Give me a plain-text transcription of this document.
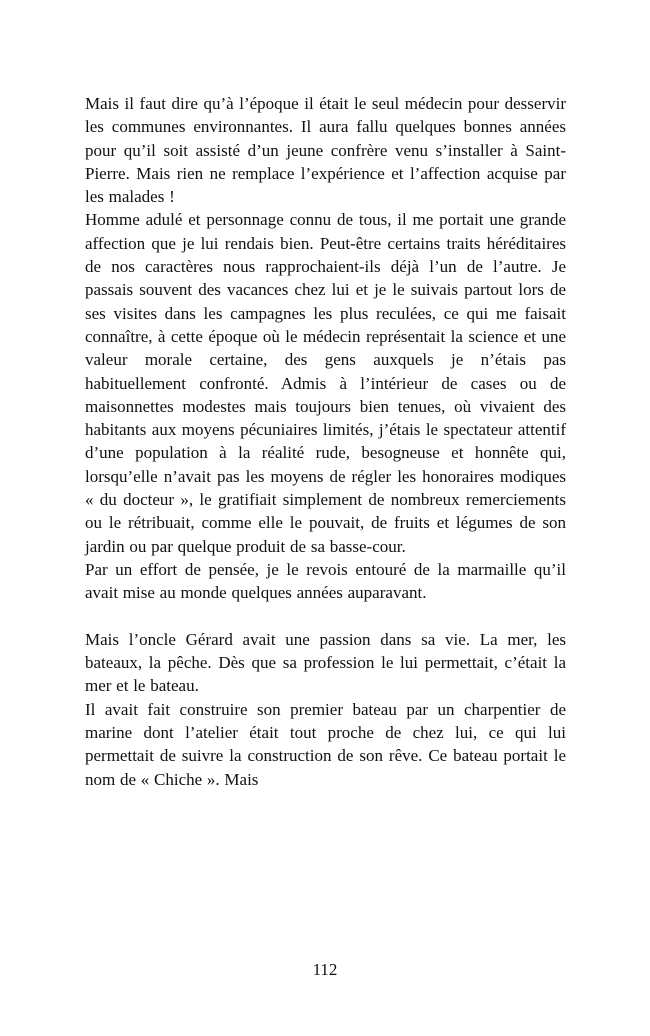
Mais il faut dire qu’à l’époque il était le seul médecin pour desservir les communes environnantes. Il aura fallu quelques bonnes années pour qu’il soit assisté d’un jeune confrère venu s’installer à Saint-Pierre. Mais rien ne remplace l’expérience et l’affection acquise par les malades !

Homme adulé et personnage connu de tous, il me portait une grande affection que je lui rendais bien. Peut-être certains traits héréditaires de nos caractères nous rapprochaient-ils déjà l’un de l’autre. Je passais souvent des vacances chez lui et je le suivais partout lors de ses visites dans les campagnes les plus reculées, ce qui me faisait connaître, à cette époque où le médecin représentait la science et une valeur morale certaine, des gens auxquels je n’étais pas habituellement confronté. Admis à l’intérieur de cases ou de maisonnettes modestes mais toujours bien tenues, où vivaient des habitants aux moyens pécuniaires limités, j’étais le spectateur attentif d’une population à la réalité rude, besogneuse et honnête qui, lorsqu’elle n’avait pas les moyens de régler les honoraires modiques « du docteur », le gratifiait simplement de nombreux remerciements ou le rétribuait, comme elle le pouvait, de fruits et légumes de son jardin ou par quelque produit de sa basse-cour.

Par un effort de pensée, je le revois entouré de la marmaille qu’il avait mise au monde quelques années auparavant.

Mais l’oncle Gérard avait une passion dans sa vie. La mer, les bateaux, la pêche. Dès que sa profession le lui permettait, c’était la mer et le bateau.

Il avait fait construire son premier bateau par un charpentier de marine dont l’atelier était tout proche de chez lui, ce qui lui permettait de suivre la construction de son rêve. Ce bateau portait le nom de « Chiche ». Mais

112
